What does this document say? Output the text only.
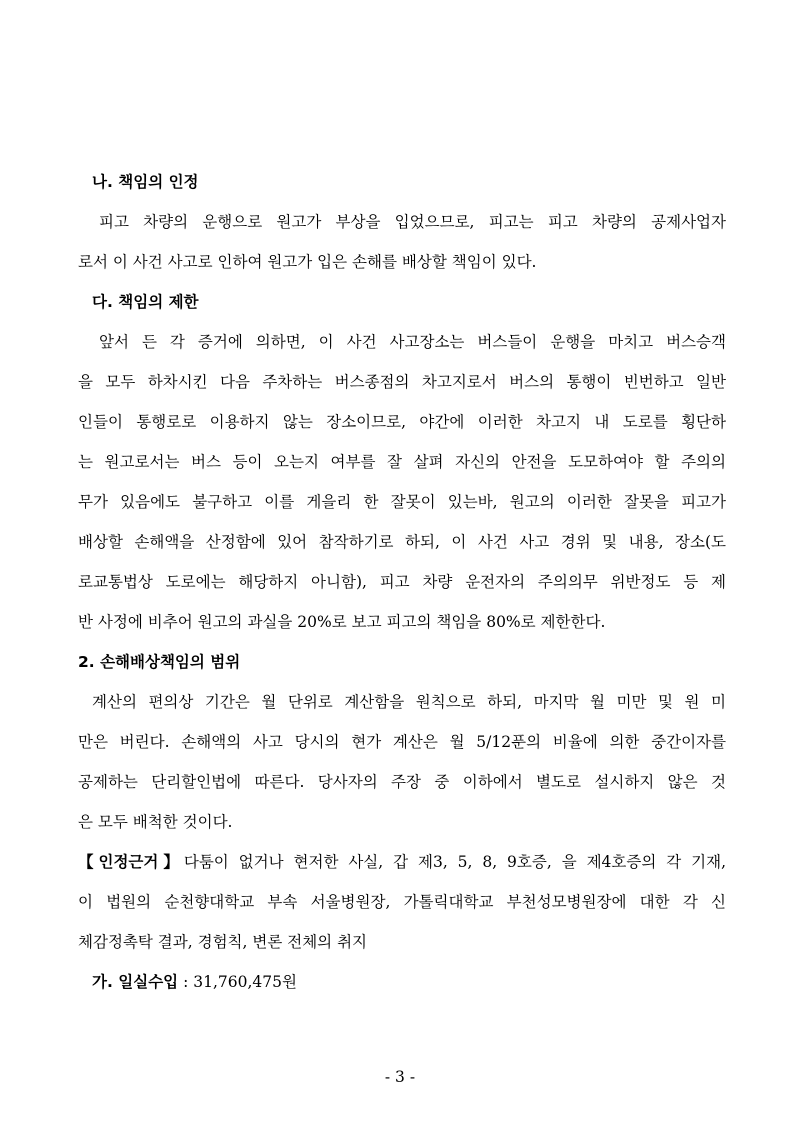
나. 책임의 인정
피고 차량의 운행으로 원고가 부상을 입었으므로, 피고는 피고 차량의 공제사업자
로서 이 사건 사고로 인하여 원고가 입은 손해를 배상할 책임이 있다.
다. 책임의 제한
앞서 든 각 증거에 의하면, 이 사건 사고장소는 버스들이 운행을 마치고 버스승객
을 모두 하차시킨 다음 주차하는 버스종점의 차고지로서 버스의 통행이 빈번하고 일반
인들이 통행로로 이용하지 않는 장소이므로, 야간에 이러한 차고지 내 도로를 횡단하
는 원고로서는 버스 등이 오는지 여부를 잘 살펴 자신의 안전을 도모하여야 할 주의의
무가 있음에도 불구하고 이를 게을리 한 잘못이 있는바, 원고의 이러한 잘못을 피고가
배상할 손해액을 산정함에 있어 참작하기로 하되, 이 사건 사고 경위 및 내용, 장소(도
로교통법상 도로에는 해당하지 아니함), 피고 차량 운전자의 주의의무 위반정도 등 제
반 사정에 비추어 원고의 과실을 20%로 보고 피고의 책임을 80%로 제한한다.
2. 손해배상책임의 범위
계산의 편의상 기간은 월 단위로 계산함을 원칙으로 하되, 마지막 월 미만 및 원 미
만은 버린다. 손해액의 사고 당시의 현가 계산은 월 5/12푼의 비율에 의한 중간이자를
공제하는 단리할인법에 따른다. 당사자의 주장 중 이하에서 별도로 설시하지 않은 것
은 모두 배척한 것이다.
【인정근거】다툼이 없거나 현저한 사실, 갑 제3, 5, 8, 9호증, 을 제4호증의 각 기재,
이 법원의 순천향대학교 부속 서울병원장, 가톨릭대학교 부천성모병원장에 대한 각 신
체감정촉탁 결과, 경험칙, 변론 전체의 취지
가. 일실수입 : 31,760,475원
- 3 -
